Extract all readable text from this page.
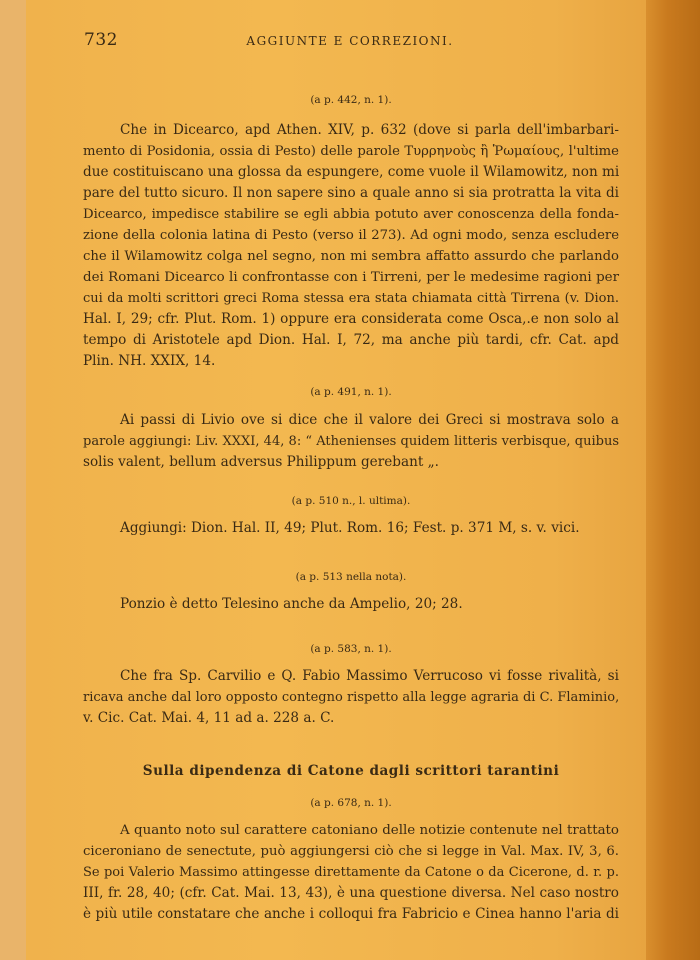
732	AGGIUNTE E CORREZIONI.
(a p. 442, n. 1).
Che in Dicearco, apd Athen. XIV, p. 632 (dove si parla dell'imbarbari-
mento di Posidonia, ossia di Pesto) delle parole Τυρρηνοὺς ἢ Ῥωμαίους, l'ultime
due costituiscano una glossa da espungere, come vuole il Wilamowitz, non mi
pare del tutto sicuro. Il non sapere sino a quale anno si sia protratta la vita di
Dicearco, impedisce stabilire se egli abbia potuto aver conoscenza della fonda-
zione della colonia latina di Pesto (verso il 273). Ad ogni modo, senza escludere
che il Wilamowitz colga nel segno, non mi sembra affatto assurdo che parlando
dei Romani Dicearco li confrontasse con i Tirreni, per le medesime ragioni per
cui da molti scrittori greci Roma stessa era stata chiamata città Tirrena (v. Dion.
Hal. I, 29; cfr. Plut. Rom. 1) oppure era considerata come Osca,.e non solo al
tempo di Aristotele apd Dion. Hal. I, 72, ma anche più tardi, cfr. Cat. apd
Plin. NH. XXIX, 14.
(a p. 491, n. 1).
Ai passi di Livio ove si dice che il valore dei Greci si mostrava solo a
parole aggiungi: Liv. XXXI, 44, 8: “ Athenienses quidem litteris verbisque, quibus
solis valent, bellum adversus Philippum gerebant „.
(a p. 510 n., l. ultima).
Aggiungi: Dion. Hal. II, 49; Plut. Rom. 16; Fest. p. 371 M, s. v. vici.
(a p. 513 nella nota).
Ponzio è detto Telesino anche da Ampelio, 20; 28.
(a p. 583, n. 1).
Che fra Sp. Carvilio e Q. Fabio Massimo Verrucoso vi fosse rivalità, si
ricava anche dal loro opposto contegno rispetto alla legge agraria di C. Flaminio,
v. Cic. Cat. Mai. 4, 11 ad a. 228 a. C.
Sulla dipendenza di Catone dagli scrittori tarantini
(a p. 678, n. 1).
A quanto noto sul carattere catoniano delle notizie contenute nel trattato
ciceroniano de senectute, può aggiungersi ciò che si legge in Val. Max. IV, 3, 6.
Se poi Valerio Massimo attingesse direttamente da Catone o da Cicerone, d. r. p.
III, fr. 28, 40; (cfr. Cat. Mai. 13, 43), è una questione diversa. Nel caso nostro
è più utile constatare che anche i colloqui fra Fabricio e Cinea hanno l'aria di
